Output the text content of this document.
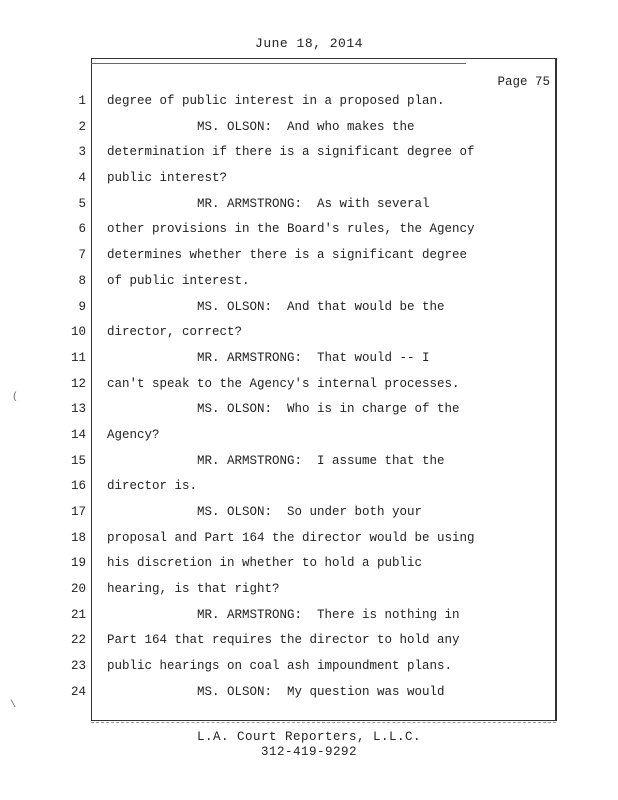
June 18, 2014
Page 75
1 degree of public interest in a proposed plan.
2 MS. OLSON:  And who makes the
3 determination if there is a significant degree of
4 public interest?
5 MR. ARMSTRONG:  As with several
6 other provisions in the Board's rules, the Agency
7 determines whether there is a significant degree
8 of public interest.
9 MS. OLSON:  And that would be the
10 director, correct?
11 MR. ARMSTRONG:  That would -- I
12 can't speak to the Agency's internal processes.
13 MS. OLSON:  Who is in charge of the
14 Agency?
15 MR. ARMSTRONG:  I assume that the
16 director is.
17 MS. OLSON:  So under both your
18 proposal and Part 164 the director would be using
19 his discretion in whether to hold a public
20 hearing, is that right?
21 MR. ARMSTRONG:  There is nothing in
22 Part 164 that requires the director to hold any
23 public hearings on coal ash impoundment plans.
24 MS. OLSON:  My question was would
L.A. Court Reporters, L.L.C.
312-419-9292
(
\
